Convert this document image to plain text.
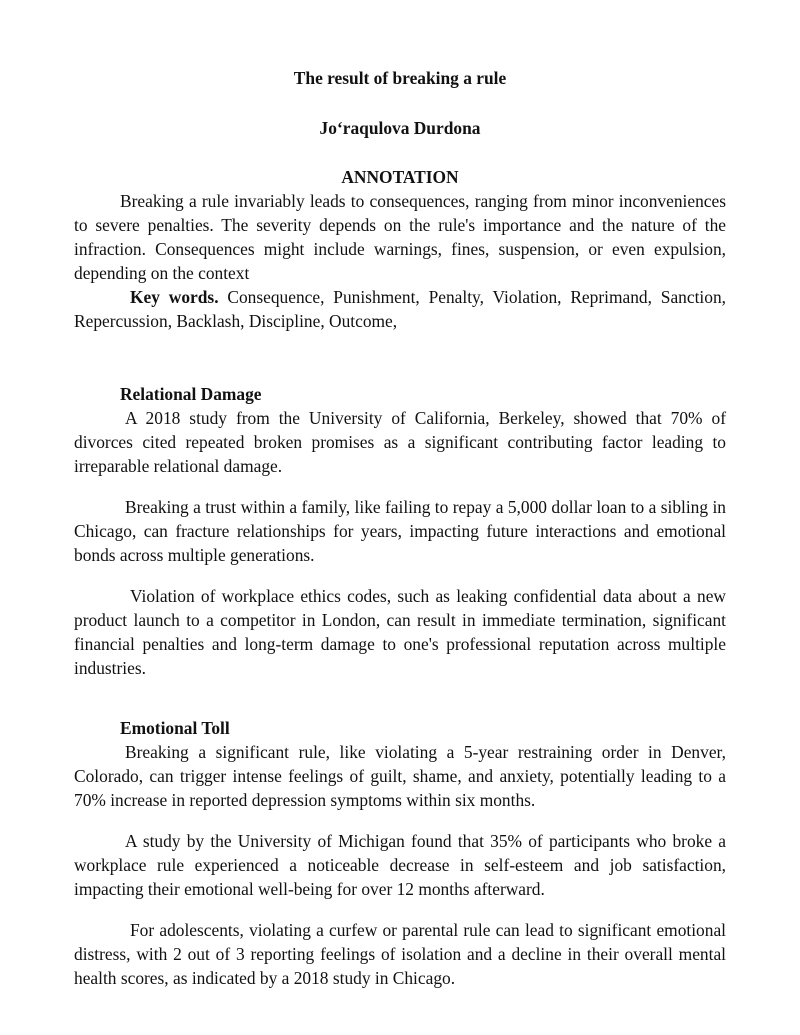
The result of breaking a rule
Jo‘raqulova Durdona
ANNOTATION

Breaking a rule invariably leads to consequences, ranging from minor inconveniences to severe penalties. The severity depends on the rule's importance and the nature of the infraction. Consequences might include warnings, fines, suspension, or even expulsion, depending on the context

Key words. Consequence, Punishment, Penalty, Violation, Reprimand, Sanction, Repercussion, Backlash, Discipline, Outcome,

Relational Damage

A 2018 study from the University of California, Berkeley, showed that 70% of divorces cited repeated broken promises as a significant contributing factor leading to irreparable relational damage.

Breaking a trust within a family, like failing to repay a 5,000 dollar loan to a sibling in Chicago, can fracture relationships for years, impacting future interactions and emotional bonds across multiple generations.

Violation of workplace ethics codes, such as leaking confidential data about a new product launch to a competitor in London, can result in immediate termination, significant financial penalties and long-term damage to one's professional reputation across multiple industries.

Emotional Toll

Breaking a significant rule, like violating a 5-year restraining order in Denver, Colorado, can trigger intense feelings of guilt, shame, and anxiety, potentially leading to a 70% increase in reported depression symptoms within six months.

A study by the University of Michigan found that 35% of participants who broke a workplace rule experienced a noticeable decrease in self-esteem and job satisfaction, impacting their emotional well-being for over 12 months afterward.

For adolescents, violating a curfew or parental rule can lead to significant emotional distress, with 2 out of 3 reporting feelings of isolation and a decline in their overall mental health scores, as indicated by a 2018 study in Chicago.
